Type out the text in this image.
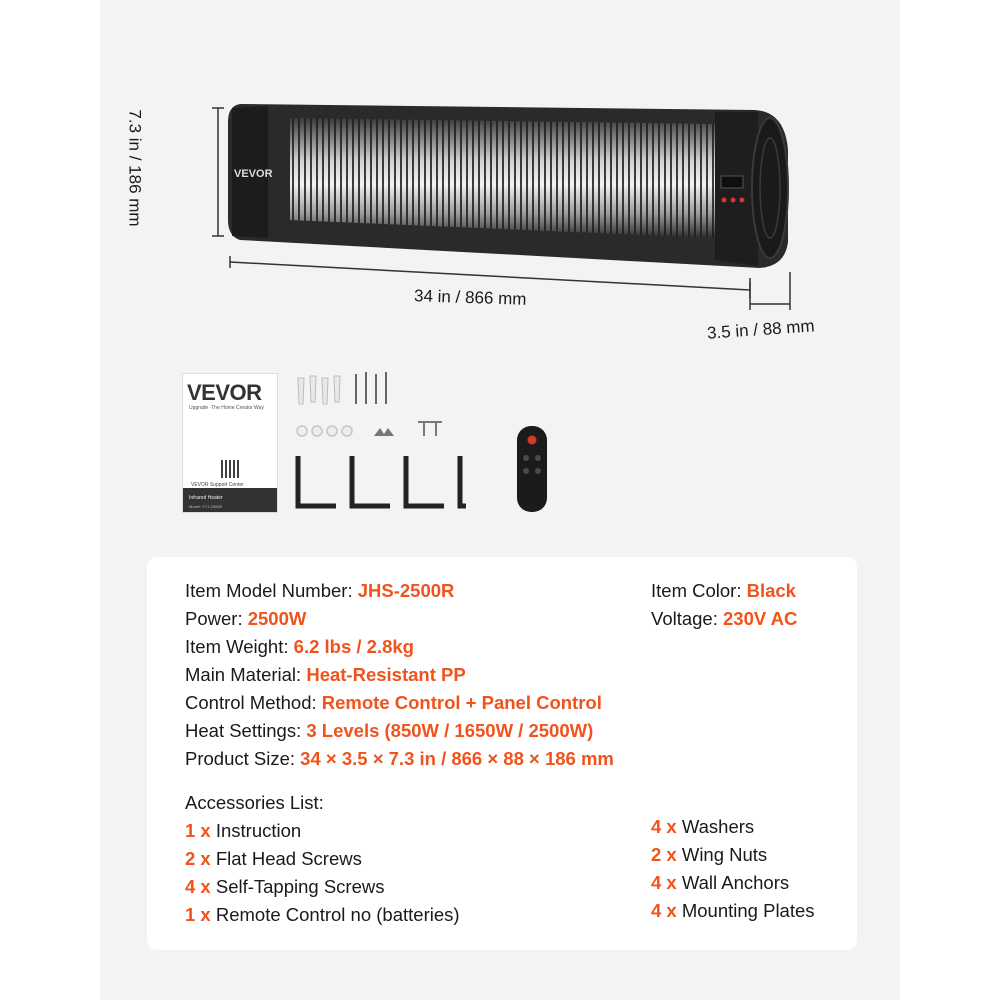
VEVOR
7.3 in / 186 mm
34 in / 866 mm
3.5 in / 88 mm
VEVOR
Upgrade ·The Home Creator Way
VEVOR Support Center
Infrared Heater
Model: YTJ-2500R
Item Model Number: JHS-2500R
Power: 2500W
Item Weight: 6.2 lbs / 2.8kg
Main Material: Heat-Resistant PP
Control Method: Remote Control + Panel Control
Heat Settings: 3 Levels (850W / 1650W / 2500W)
Product Size: 34 × 3.5 × 7.3 in / 866 × 88 × 186 mm
Item Color: Black
Voltage: 230V AC
Accessories List:
1 x Instruction
2 x Flat Head Screws
4 x Self-Tapping Screws
1 x Remote Control no (batteries)
4 x Washers
2 x Wing Nuts
4 x Wall Anchors
4 x Mounting Plates
